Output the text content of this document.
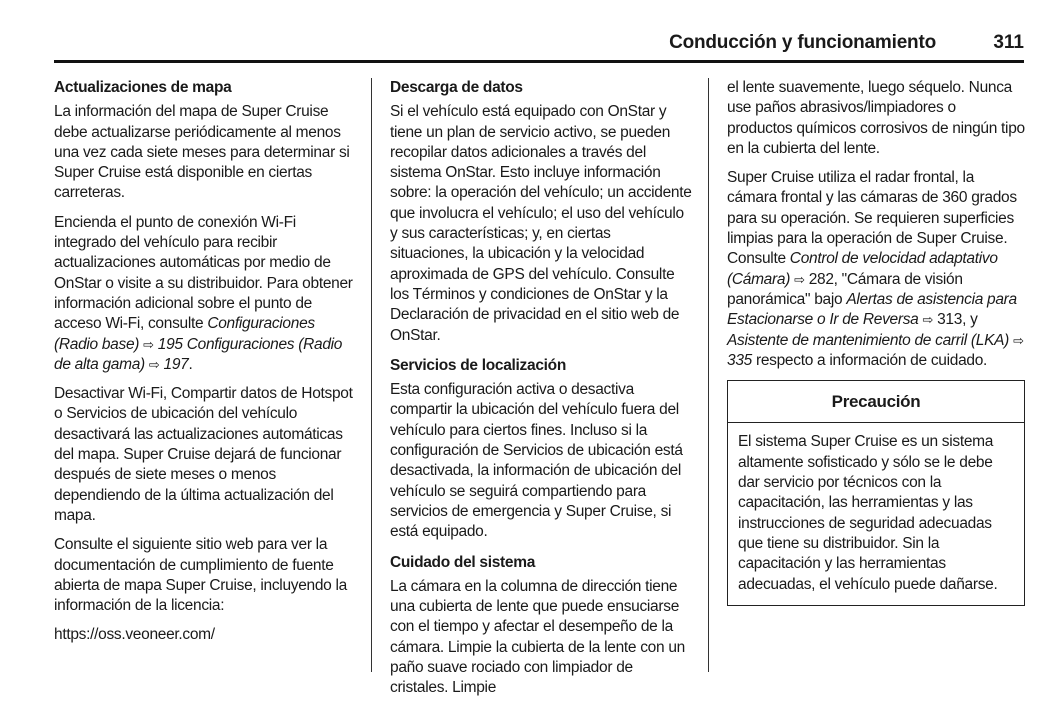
Conducción y funcionamiento	311
Actualizaciones de mapa

La información del mapa de Super Cruise debe actualizarse periódicamente al menos una vez cada siete meses para determinar si Super Cruise está disponible en ciertas carreteras.

Encienda el punto de conexión Wi-Fi integrado del vehículo para recibir actualizaciones automáticas por medio de OnStar o visite a su distribuidor. Para obtener información adicional sobre el punto de acceso Wi-Fi, consulte Configuraciones (Radio base) ⇨ 195 Configuraciones (Radio de alta gama) ⇨ 197.

Desactivar Wi-Fi, Compartir datos de Hotspot o Servicios de ubicación del vehículo desactivará las actualizaciones automáticas del mapa. Super Cruise dejará de funcionar después de siete meses o menos dependiendo de la última actualización del mapa.

Consulte el siguiente sitio web para ver la documentación de cumplimiento de fuente abierta de mapa Super Cruise, incluyendo la información de la licencia:

https://oss.veoneer.com/

Descarga de datos

Si el vehículo está equipado con OnStar y tiene un plan de servicio activo, se pueden recopilar datos adicionales a través del sistema OnStar. Esto incluye información sobre: la operación del vehículo; un accidente que involucra el vehículo; el uso del vehículo y sus características; y, en ciertas situaciones, la ubicación y la velocidad aproximada de GPS del vehículo. Consulte los Términos y condiciones de OnStar y la Declaración de privacidad en el sitio web de OnStar.

Servicios de localización

Esta configuración activa o desactiva compartir la ubicación del vehículo fuera del vehículo para ciertos fines. Incluso si la configuración de Servicios de ubicación está desactivada, la información de ubicación del vehículo se seguirá compartiendo para servicios de emergencia y Super Cruise, si está equipado.

Cuidado del sistema

La cámara en la columna de dirección tiene una cubierta de lente que puede ensuciarse con el tiempo y afectar el desempeño de la cámara. Limpie la cubierta de la lente con un paño suave rociado con limpiador de cristales. Limpie

el lente suavemente, luego séquelo. Nunca use paños abrasivos/limpiadores o productos químicos corrosivos de ningún tipo en la cubierta del lente.

Super Cruise utiliza el radar frontal, la cámara frontal y las cámaras de 360 grados para su operación. Se requieren superficies limpias para la operación de Super Cruise. Consulte Control de velocidad adaptativo (Cámara) ⇨ 282, "Cámara de visión panorámica" bajo Alertas de asistencia para Estacionarse o Ir de Reversa ⇨ 313, y Asistente de mantenimiento de carril (LKA) ⇨ 335 respecto a información de cuidado.

Precaución
El sistema Super Cruise es un sistema altamente sofisticado y sólo se le debe dar servicio por técnicos con la capacitación, las herramientas y las instrucciones de seguridad adecuadas que tiene su distribuidor. Sin la capacitación y las herramientas adecuadas, el vehículo puede dañarse.
